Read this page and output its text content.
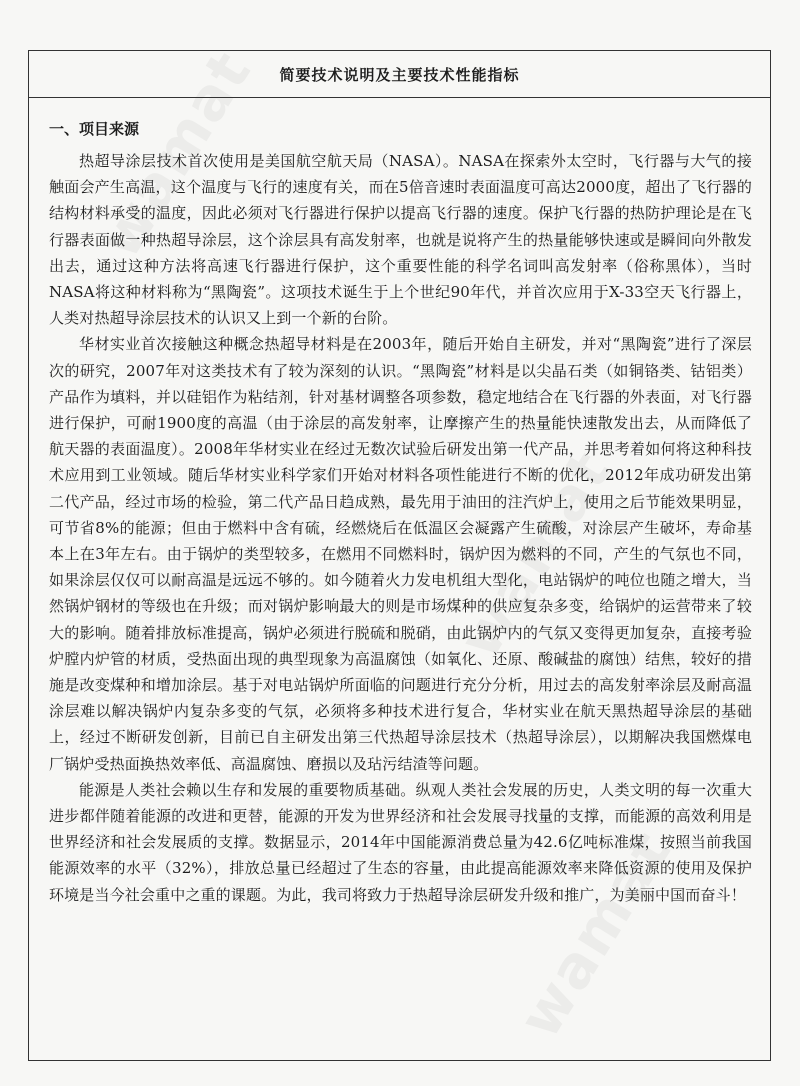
简要技术说明及主要技术性能指标
一、项目来源

热超导涂层技术首次使用是美国航空航天局（NASA）。NASA在探索外太空时，飞行器与大气的接触面会产生高温，这个温度与飞行的速度有关，而在5倍音速时表面温度可高达2000度，超出了飞行器的结构材料承受的温度，因此必须对飞行器进行保护以提高飞行器的速度。保护飞行器的热防护理论是在飞行器表面做一种热超导涂层，这个涂层具有高发射率，也就是说将产生的热量能够快速或是瞬间向外散发出去，通过这种方法将高速飞行器进行保护，这个重要性能的科学名词叫高发射率（俗称黑体），当时NASA将这种材料称为“黑陶瓷”。这项技术诞生于上个世纪90年代，并首次应用于X-33空天飞行器上，人类对热超导涂层技术的认识又上到一个新的台阶。

华材实业首次接触这种概念热超导材料是在2003年，随后开始自主研发，并对“黑陶瓷”进行了深层次的研究，2007年对这类技术有了较为深刻的认识。“黑陶瓷”材料是以尖晶石类（如铜铬类、钴铝类）产品作为填料，并以硅铝作为粘结剂，针对基材调整各项参数，稳定地结合在飞行器的外表面，对飞行器进行保护，可耐1900度的高温（由于涂层的高发射率，让摩擦产生的热量能快速散发出去，从而降低了航天器的表面温度）。2008年华材实业在经过无数次试验后研发出第一代产品，并思考着如何将这种科技术应用到工业领域。随后华材实业科学家们开始对材料各项性能进行不断的优化，2012年成功研发出第二代产品，经过市场的检验，第二代产品日趋成熟，最先用于油田的注汽炉上，使用之后节能效果明显，可节省8%的能源；但由于燃料中含有硫，经燃烧后在低温区会凝露产生硫酸，对涂层产生破坏，寿命基本上在3年左右。由于锅炉的类型较多，在燃用不同燃料时，锅炉因为燃料的不同，产生的气氛也不同，如果涂层仅仅可以耐高温是远远不够的。如今随着火力发电机组大型化，电站锅炉的吨位也随之增大，当然锅炉钢材的等级也在升级；而对锅炉影响最大的则是市场煤种的供应复杂多变，给锅炉的运营带来了较大的影响。随着排放标准提高，锅炉必须进行脱硫和脱硝，由此锅炉内的气氛又变得更加复杂，直接考验炉膛内炉管的材质，受热面出现的典型现象为高温腐蚀（如氧化、还原、酸碱盐的腐蚀）结焦，较好的措施是改变煤种和增加涂层。基于对电站锅炉所面临的问题进行充分分析，用过去的高发射率涂层及耐高温涂层难以解决锅炉内复杂多变的气氛，必须将多种技术进行复合，华材实业在航天黑热超导涂层的基础上，经过不断研发创新，目前已自主研发出第三代热超导涂层技术（热超导涂层），以期解决我国燃煤电厂锅炉受热面换热效率低、高温腐蚀、磨损以及玷污结渣等问题。

能源是人类社会赖以生存和发展的重要物质基础。纵观人类社会发展的历史，人类文明的每一次重大进步都伴随着能源的改进和更替，能源的开发为世界经济和社会发展寻找量的支撑，而能源的高效利用是世界经济和社会发展质的支撑。数据显示，2014年中国能源消费总量为42.6亿吨标准煤，按照当前我国能源效率的水平（32%），排放总量已经超过了生态的容量，由此提高能源效率来降低资源的使用及保护环境是当今社会重中之重的课题。为此，我司将致力于热超导涂层研发升级和推广，为美丽中国而奋斗！
